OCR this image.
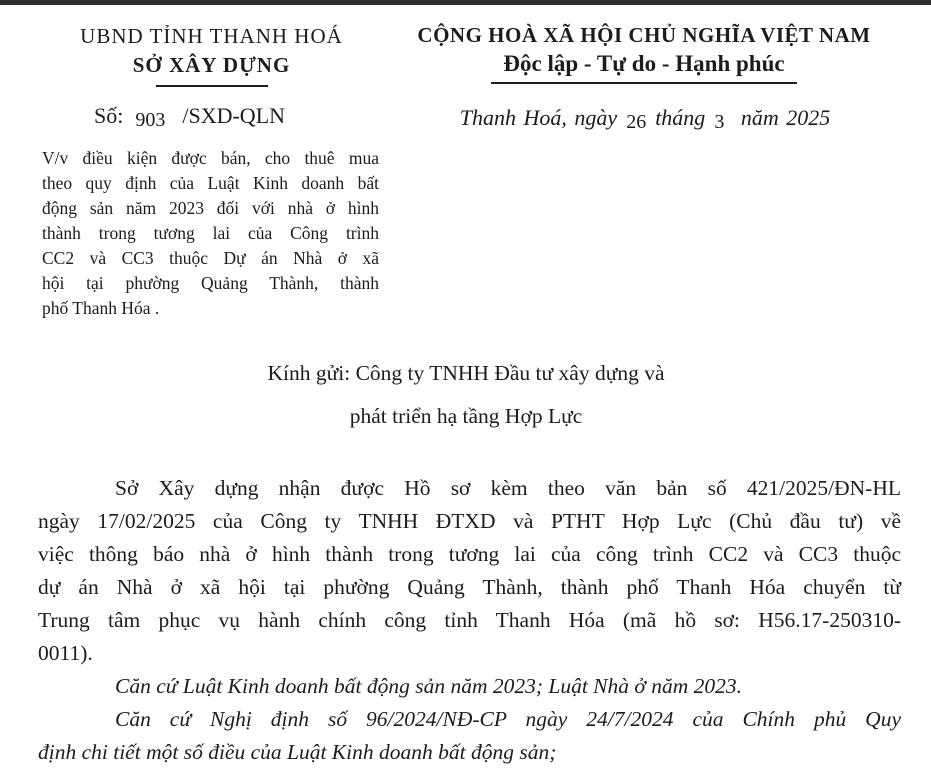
UBND TỈNH THANH HOÁ
SỞ XÂY DỰNG
CỘNG HOÀ XÃ HỘI CHỦ NGHĨA VIỆT NAM
Độc lập - Tự do - Hạnh phúc
Số: 903 /SXD-QLN	Thanh Hoá, ngày 26 tháng 3 năm 2025
V/v điều kiện được bán, cho thuê mua
theo quy định của Luật Kinh doanh bất
động sản năm 2023 đối với nhà ở hình
thành trong tương lai của Công trình
CC2 và CC3 thuộc Dự án Nhà ở xã
hội tại phường Quảng Thành, thành
phố Thanh Hóa .
Kính gửi: Công ty TNHH Đầu tư xây dựng và
phát triển hạ tầng Hợp Lực
Sở Xây dựng nhận được Hồ sơ kèm theo văn bản số 421/2025/ĐN-HL
ngày 17/02/2025 của Công ty TNHH ĐTXD và PTHT Hợp Lực (Chủ đầu tư) về
việc thông báo nhà ở hình thành trong tương lai của công trình CC2 và CC3 thuộc
dự án Nhà ở xã hội tại phường Quảng Thành, thành phố Thanh Hóa chuyển từ
Trung tâm phục vụ hành chính công tỉnh Thanh Hóa (mã hồ sơ: H56.17-250310-
0011).
Căn cứ Luật Kinh doanh bất động sản năm 2023; Luật Nhà ở năm 2023.
Căn cứ Nghị định số 96/2024/NĐ-CP ngày 24/7/2024 của Chính phủ Quy
định chi tiết một số điều của Luật Kinh doanh bất động sản;
